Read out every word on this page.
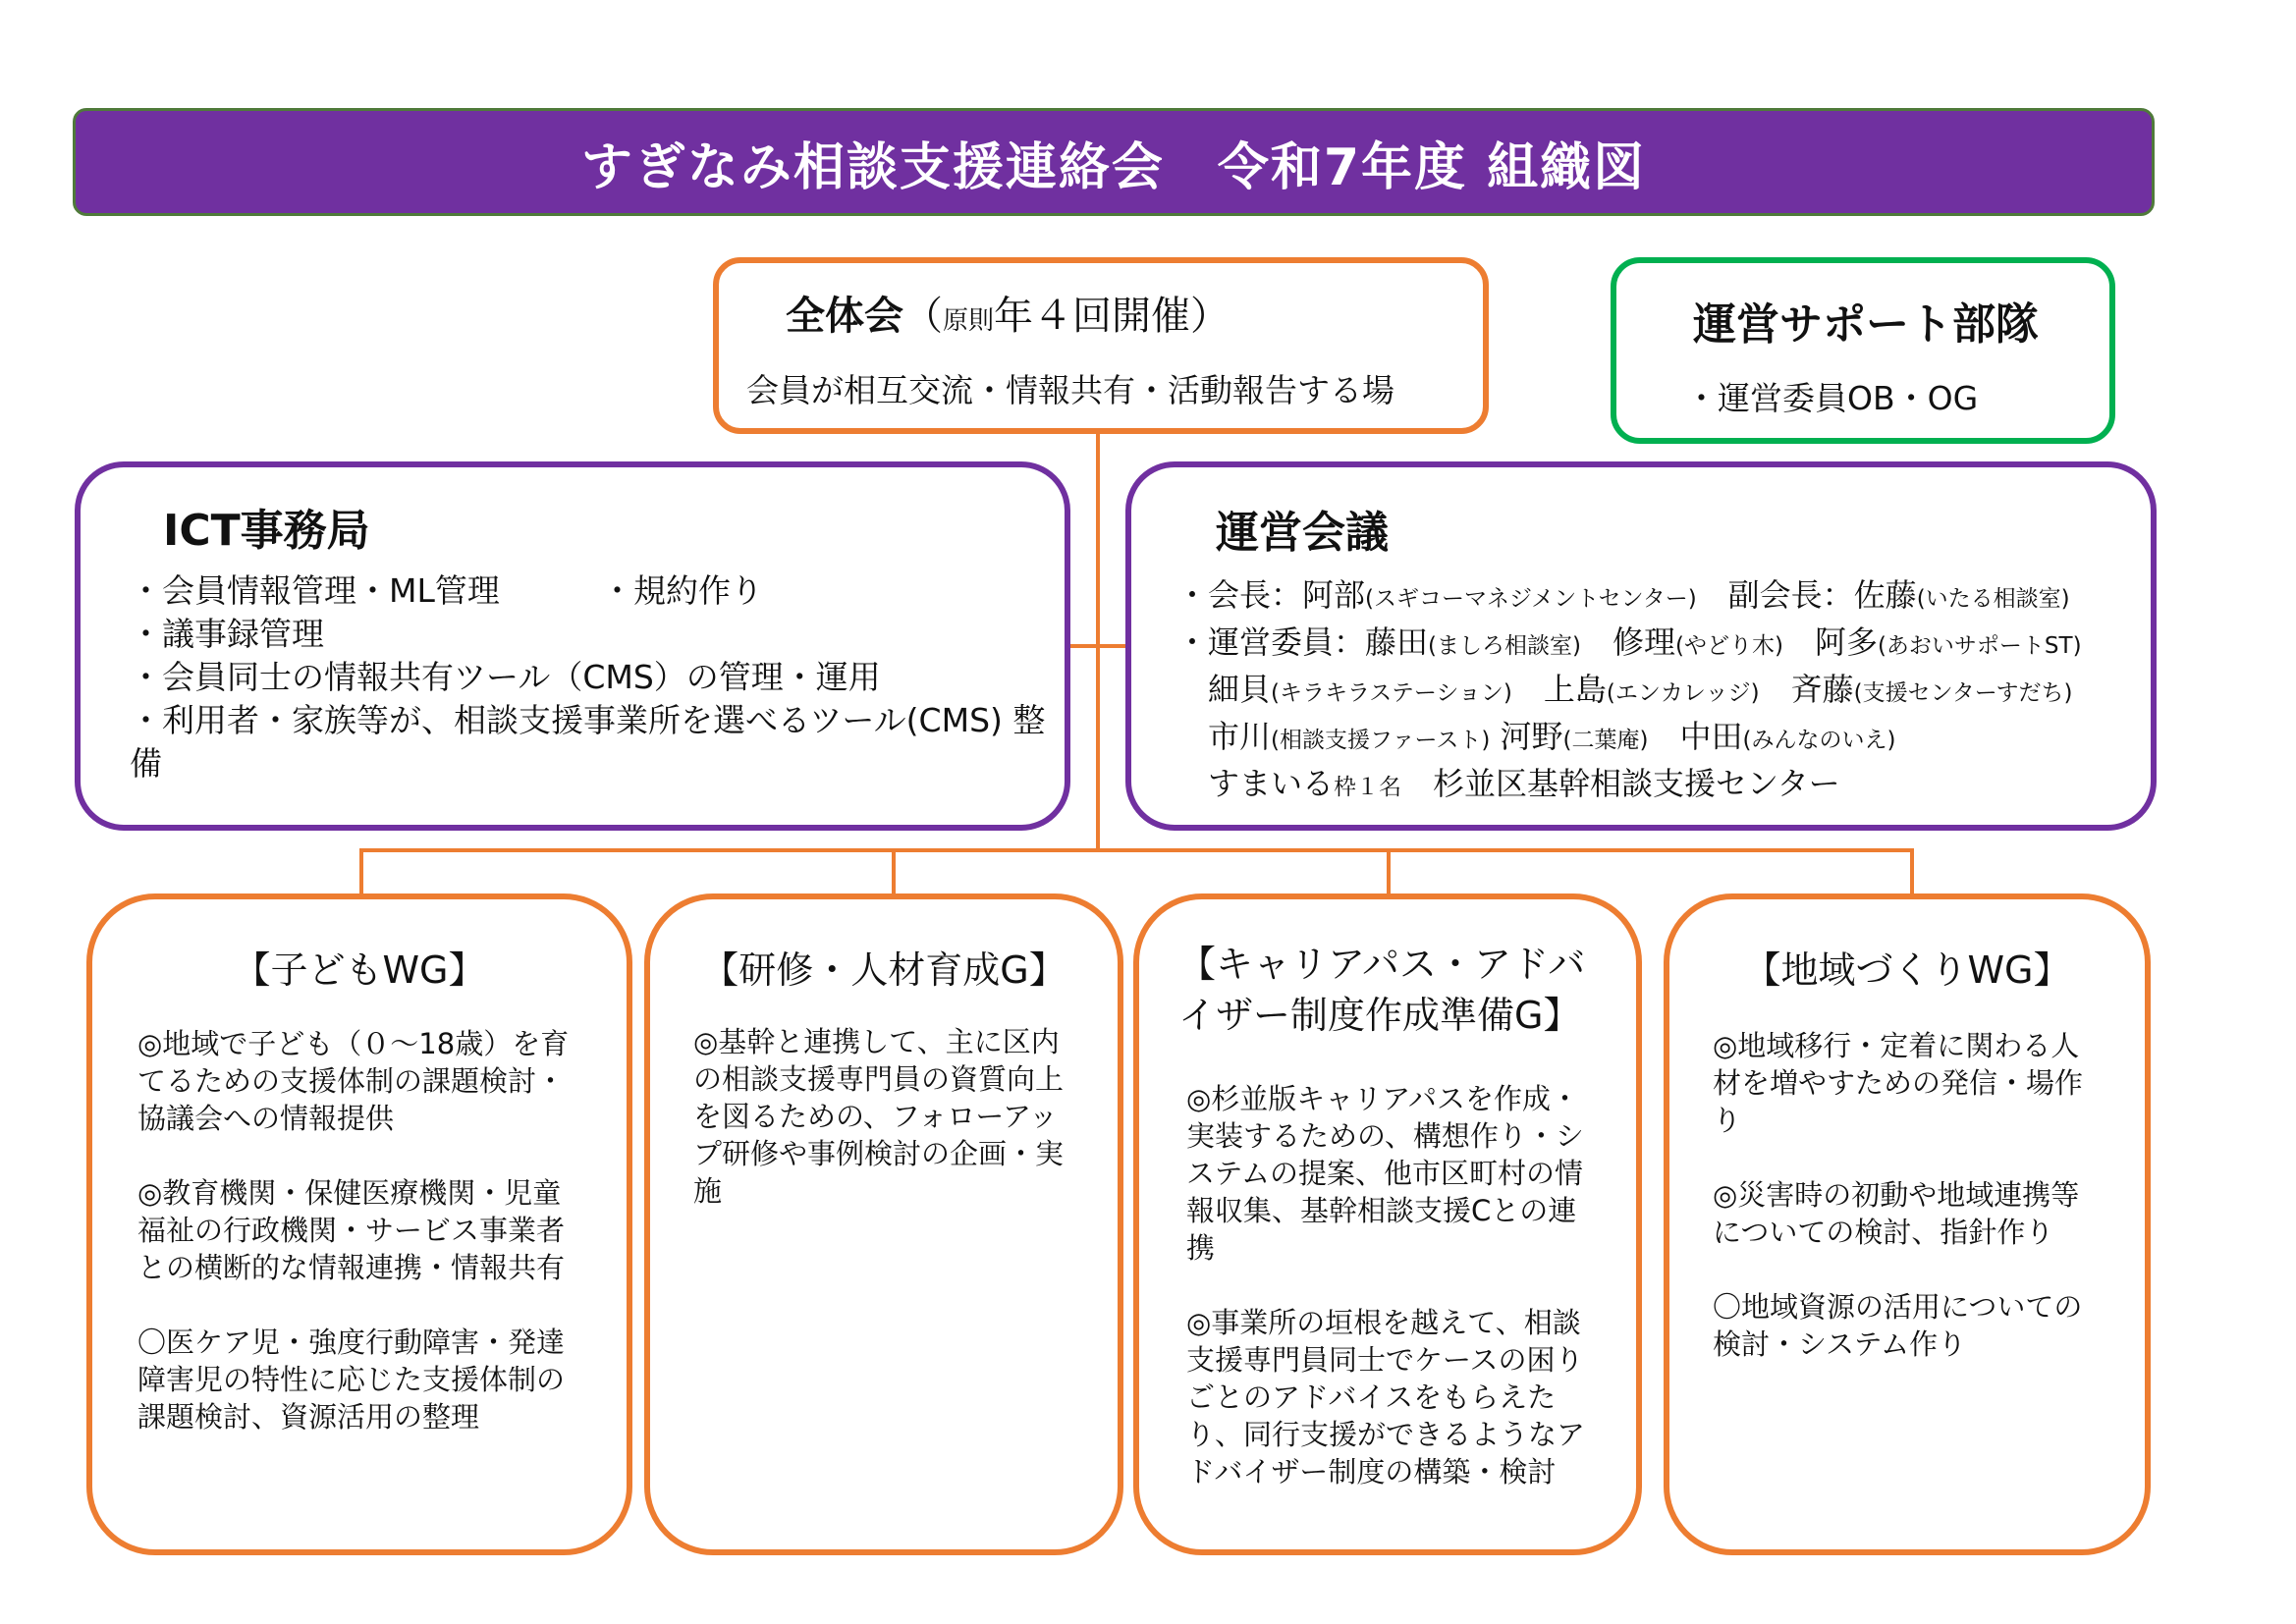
すぎなみ相談支援連絡会　令和7年度 組織図
全体会（原則年４回開催）
会員が相互交流・情報共有・活動報告する場
運営サポート部隊
・運営委員OB・OG
ICT事務局
・会員情報管理・ML管理
・議事録管理
・会員同士の情報共有ツール（CMS）の管理・運用
・利用者・家族等が、相談支援事業所を選べるツール(CMS) 整備
・規約作り
運営会議
・会長：阿部(スギコーマネジメントセンター)　副会長：佐藤(いたる相談室)
・運営委員：藤田(ましろ相談室)　修理(やどり木)　阿多(あおいサポートST)
　細貝(キラキラステーション)　上島(エンカレッジ)　斉藤(支援センターすだち)
　市川(相談支援ファースト) 河野(二葉庵)　中田(みんなのいえ)
　すまいる枠１名　杉並区基幹相談支援センター
【子どもWG】

◎地域で子ども（０～18歳）を育てるための支援体制の課題検討・協議会への情報提供

◎教育機関・保健医療機関・児童福祉の行政機関・サービス事業者との横断的な情報連携・情報共有

〇医ケア児・強度行動障害・発達障害児の特性に応じた支援体制の課題検討、資源活用の整理

【研修・人材育成G】

◎基幹と連携して、主に区内の相談支援専門員の資質向上を図るための、フォローアップ研修や事例検討の企画・実施

【キャリアパス・アドバイザー制度作成準備G】

◎杉並版キャリアパスを作成・実装するための、構想作り・システムの提案、他市区町村の情報収集、基幹相談支援Cとの連携

◎事業所の垣根を越えて、相談支援専門員同士でケースの困りごとのアドバイスをもらえたり、同行支援ができるようなアドバイザー制度の構築・検討

【地域づくりWG】

◎地域移行・定着に関わる人材を増やすための発信・場作り

◎災害時の初動や地域連携等についての検討、指針作り

〇地域資源の活用についての検討・システム作り
